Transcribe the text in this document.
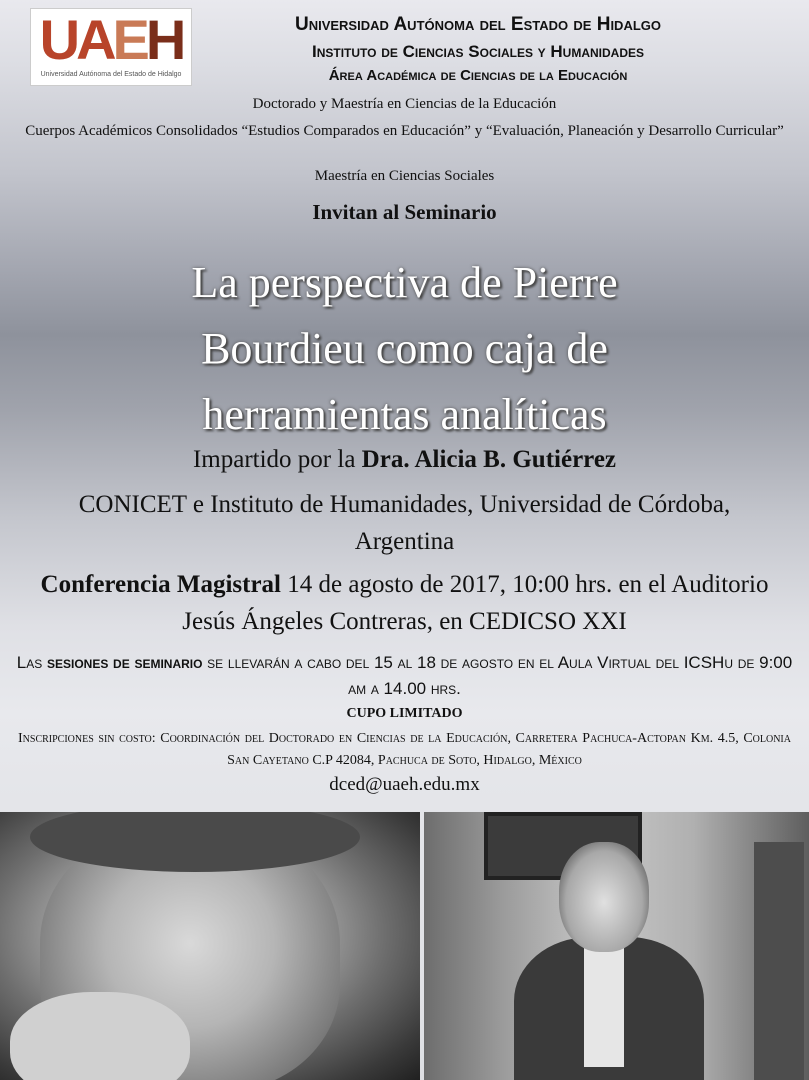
UAEH
Universidad Autónoma del Estado de Hidalgo
Universidad Autónoma del Estado de Hidalgo
Instituto de Ciencias Sociales y Humanidades
Área Académica de Ciencias de la Educación
Doctorado y Maestría en Ciencias de la Educación
Cuerpos Académicos Consolidados “Estudios Comparados en Educación” y “Evaluación, Planeación y Desarrollo Curricular”
Maestría en Ciencias Sociales
Invitan al Seminario
La perspectiva de Pierre
Bourdieu como caja de
herramientas analíticas
Impartido por la Dra. Alicia B. Gutiérrez
CONICET e Instituto de Humanidades, Universidad de Córdoba, Argentina
Conferencia Magistral 14 de agosto de 2017, 10:00 hrs. en el Auditorio Jesús Ángeles Contreras, en CEDICSO XXI
Las sesiones de seminario se llevarán a cabo del 15 al 18 de agosto en el Aula Virtual del ICSHu de 9:00 am a 14.00 hrs.
CUPO LIMITADO
Inscripciones sin costo: Coordinación del Doctorado en Ciencias de la Educación, Carretera Pachuca-Actopan Km. 4.5, Colonia San Cayetano C.P 42084, Pachuca de Soto, Hidalgo, México
dced@uaeh.edu.mx
